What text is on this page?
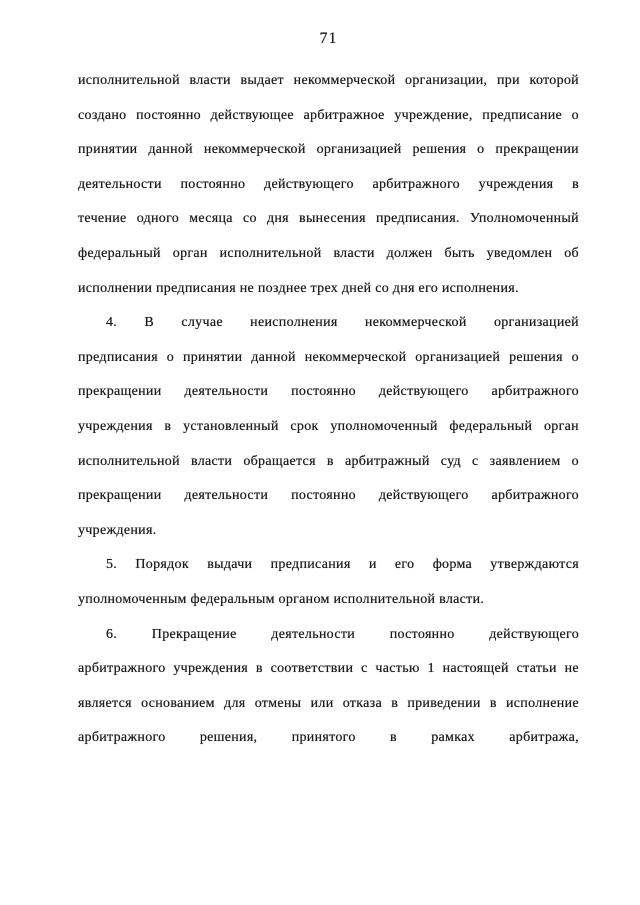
71
исполнительной власти выдает некоммерческой организации, при которой
создано постоянно действующее арбитражное учреждение, предписание о
принятии данной некоммерческой организацией решения о прекращении
деятельности постоянно действующего арбитражного учреждения в
течение одного месяца со дня вынесения предписания. Уполномоченный
федеральный орган исполнительной власти должен быть уведомлен об
исполнении предписания не позднее трех дней со дня его исполнения.
4. В случае неисполнения некоммерческой организацией
предписания о принятии данной некоммерческой организацией решения о
прекращении деятельности постоянно действующего арбитражного
учреждения в установленный срок уполномоченный федеральный орган
исполнительной власти обращается в арбитражный суд с заявлением о
прекращении деятельности постоянно действующего арбитражного
учреждения.
5. Порядок выдачи предписания и его форма утверждаются
уполномоченным федеральным органом исполнительной власти.
6. Прекращение деятельности постоянно действующего
арбитражного учреждения в соответствии с частью 1 настоящей статьи не
является основанием для отмены или отказа в приведении в исполнение
арбитражного решения, принятого в рамках арбитража,
